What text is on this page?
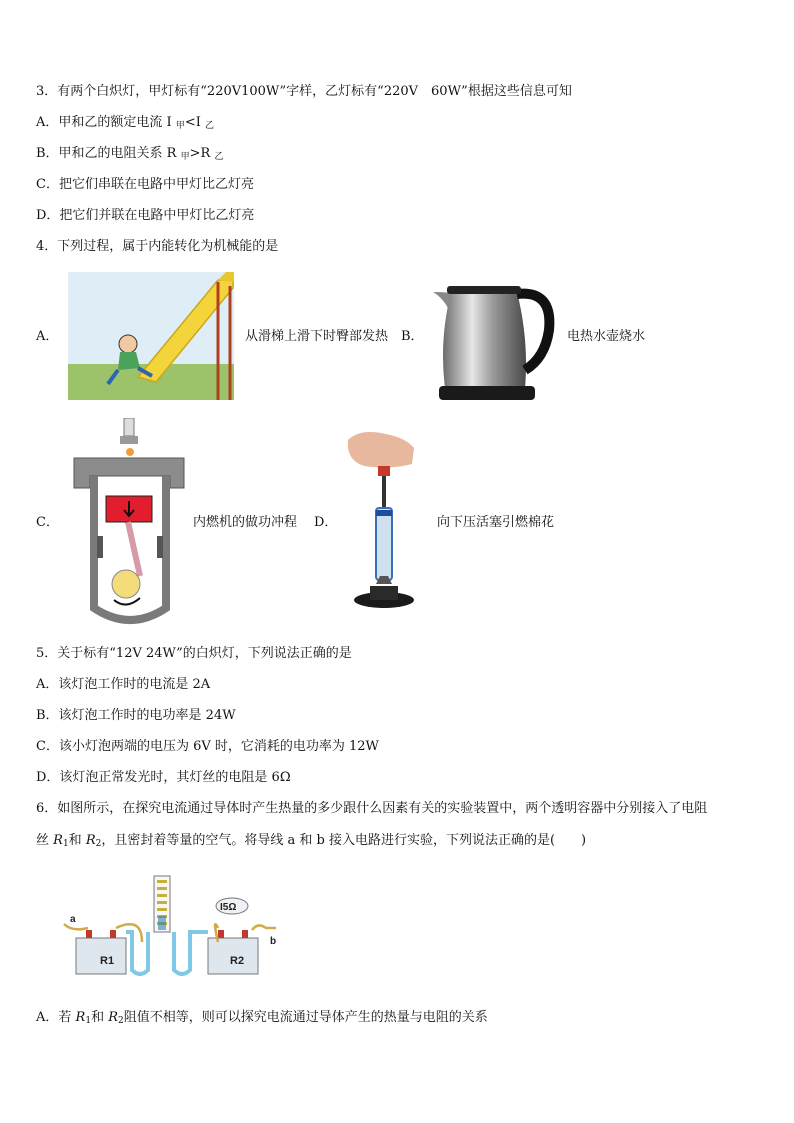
3．有两个白炽灯，甲灯标有“220V100W”字样，乙灯标有“220V　60W”根据这些信息可知
A．甲和乙的额定电流 I $_甲$<I $_乙$
B．甲和乙的电阻关系 R $_甲$>R $_乙$
C．把它们串联在电路中甲灯比乙灯亮
D．把它们并联在电路中甲灯比乙灯亮
4．下列过程，属于内能转化为机械能的是
A．	从滑梯上滑下时臀部发热 B．	电热水壶烧水
C．	内燃机的做功冲程 D．	向下压活塞引燃棉花
5．关于标有“12V 24W”的白炽灯，下列说法正确的是
A．该灯泡工作时的电流是 2A
B．该灯泡工作时的电功率是 24W
C．该小灯泡两端的电压为 6V 时，它消耗的电功率为 12W
D．该灯泡正常发光时，其灯丝的电阻是 6Ω
6．如图所示，在探究电流通过导体时产生热量的多少跟什么因素有关的实验装置中，两个透明容器中分别接入了电阻
丝 $R_1$和 $R_2$，且密封着等量的空气。将导线 a 和 b 接入电路进行实验，下列说法正确的是(　　)
a
R1	R2
I5Ω
b
A．若 $R_1$和 $R_2$阻值不相等，则可以探究电流通过导体产生的热量与电阻的关系
